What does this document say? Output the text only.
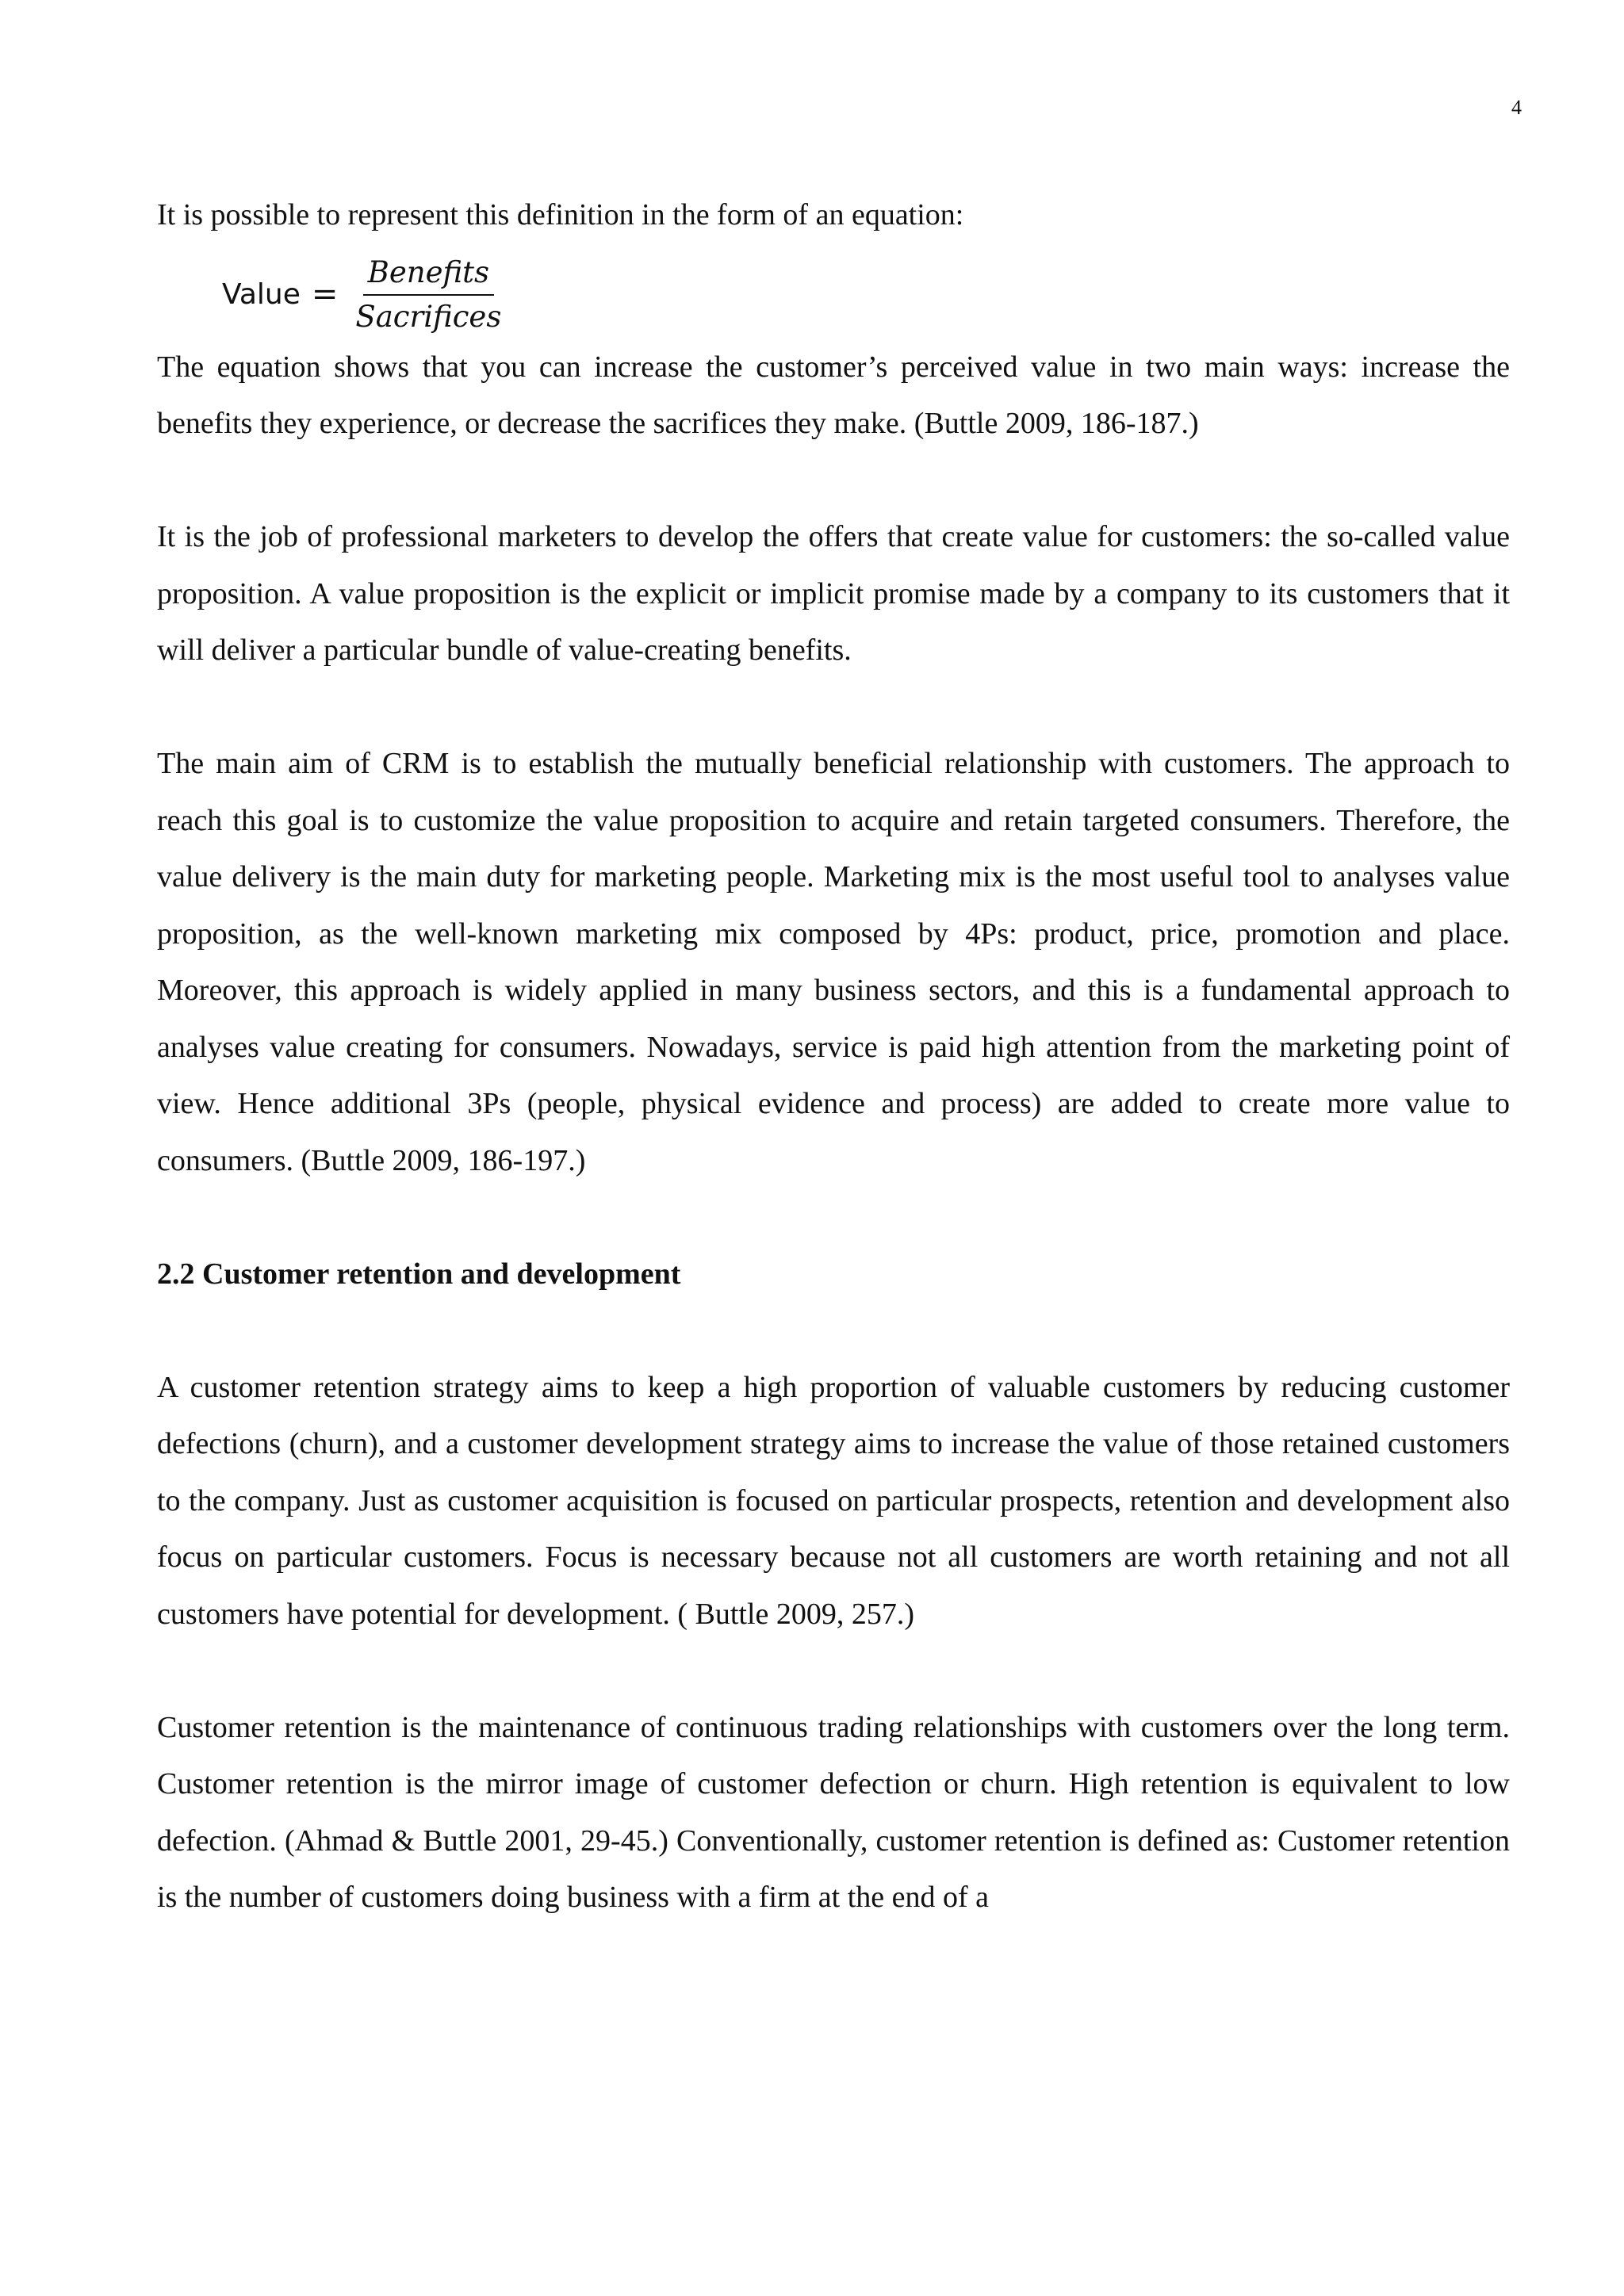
4

It is possible to represent this definition in the form of an equation:

Value = $\frac{\text{Benefits}}{\text{Sacrifices}}$

The equation shows that you can increase the customer’s perceived value in two main ways: increase the benefits they experience, or decrease the sacrifices they make. (Buttle 2009, 186-187.)

It is the job of professional marketers to develop the offers that create value for customers: the so-called value proposition. A value proposition is the explicit or implicit promise made by a company to its customers that it will deliver a particular bundle of value-creating benefits.

The main aim of CRM is to establish the mutually beneficial relationship with customers. The approach to reach this goal is to customize the value proposition to acquire and retain targeted consumers. Therefore, the value delivery is the main duty for marketing people. Marketing mix is the most useful tool to analyses value proposition, as the well-known marketing mix composed by 4Ps: product, price, promotion and place. Moreover, this approach is widely applied in many business sectors, and this is a fundamental approach to analyses value creating for consumers. Nowadays, service is paid high attention from the marketing point of view. Hence additional 3Ps (people, physical evidence and process) are added to create more value to consumers. (Buttle 2009, 186-197.)

2.2 Customer retention and development

A customer retention strategy aims to keep a high proportion of valuable customers by reducing customer defections (churn), and a customer development strategy aims to increase the value of those retained customers to the company. Just as customer acquisition is focused on particular prospects, retention and development also focus on particular customers. Focus is necessary because not all customers are worth retaining and not all customers have potential for development. ( Buttle 2009, 257.)

Customer retention is the maintenance of continuous trading relationships with customers over the long term. Customer retention is the mirror image of customer defection or churn. High retention is equivalent to low defection. (Ahmad & Buttle 2001, 29-45.) Conventionally, customer retention is defined as: Customer retention is the number of customers doing business with a firm at the end of a
